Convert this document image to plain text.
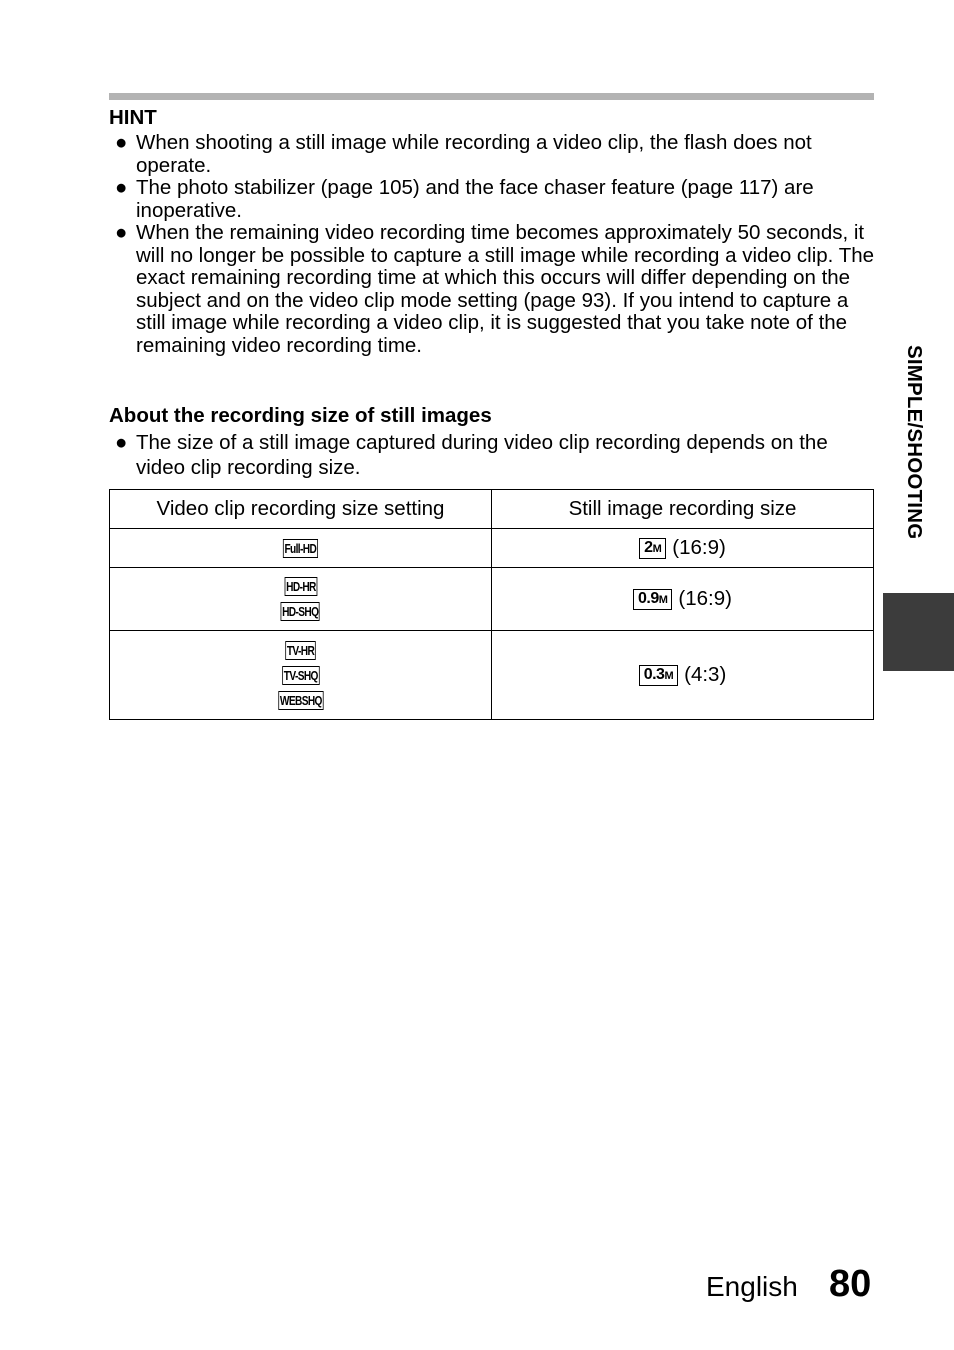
HINT
● When shooting a still image while recording a video clip, the flash does not operate.
● The photo stabilizer (page 105) and the face chaser feature (page 117) are inoperative.
● When the remaining video recording time becomes approximately 50 seconds, it will no longer be possible to capture a still image while recording a video clip. The exact remaining recording time at which this occurs will differ depending on the subject and on the video clip mode setting (page 93). If you intend to capture a still image while recording a video clip, it is suggested that you take note of the remaining video recording time.
About the recording size of still images
● The size of a still image captured during video clip recording depends on the video clip recording size.
Video clip recording size setting	Still image recording size

Full-HD	2M (16:9)

HD-HR
HD-SHQ	0.9M (16:9)

TV-HR
TV-SHQ
WEBSHQ	0.3M (4:3)
SIMPLE/SHOOTING
English 80
